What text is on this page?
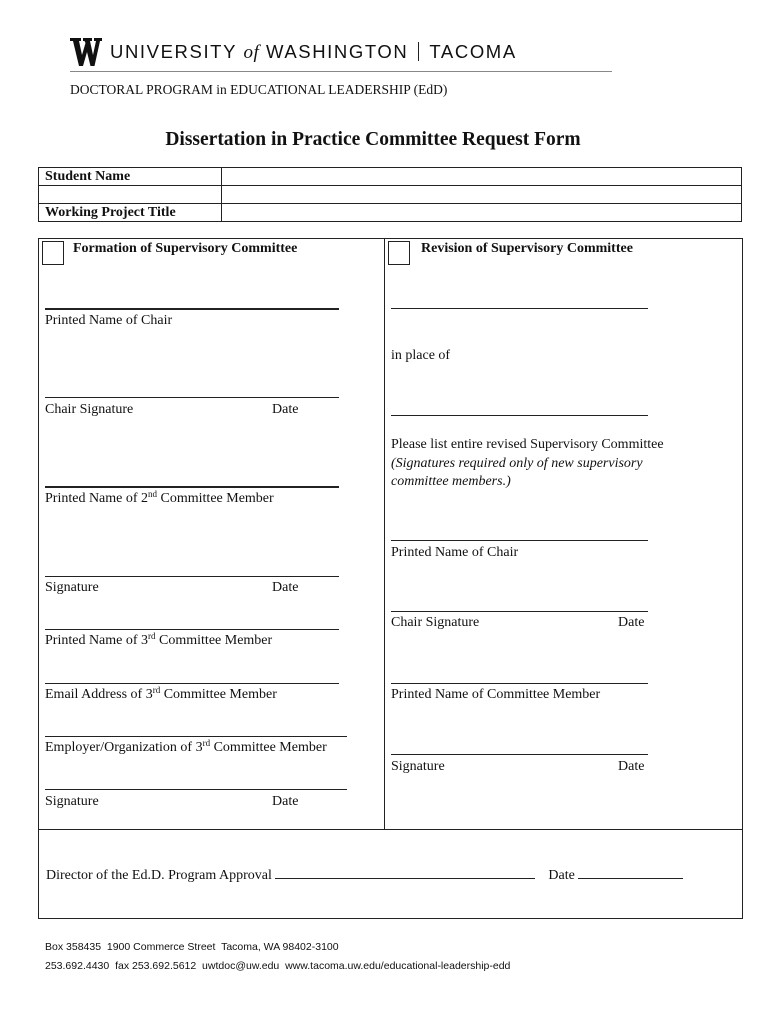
UNIVERSITY of WASHINGTON TACOMA
DOCTORAL PROGRAM in EDUCATIONAL LEADERSHIP (EdD)
Dissertation in Practice Committee Request Form
Student Name	

Working Project Title	
Formation of Supervisory Committee
Printed Name of Chair
Chair Signature	Date
Printed Name of 2nd Committee Member
Signature	Date
Printed Name of 3rd Committee Member
Email Address of 3rd Committee Member
Employer/Organization of 3rd Committee Member
Signature	Date
Revision of Supervisory Committee
in place of
Please list entire revised Supervisory Committee
(Signatures required only of new supervisory committee members.)
Printed Name of Chair
Chair Signature	Date
Printed Name of Committee Member
Signature	Date
Director of the Ed.D. Program Approval	Date
Box 358435  1900 Commerce Street  Tacoma, WA 98402-3100
253.692.4430  fax 253.692.5612  uwtdoc@uw.edu  www.tacoma.uw.edu/educational-leadership-edd
